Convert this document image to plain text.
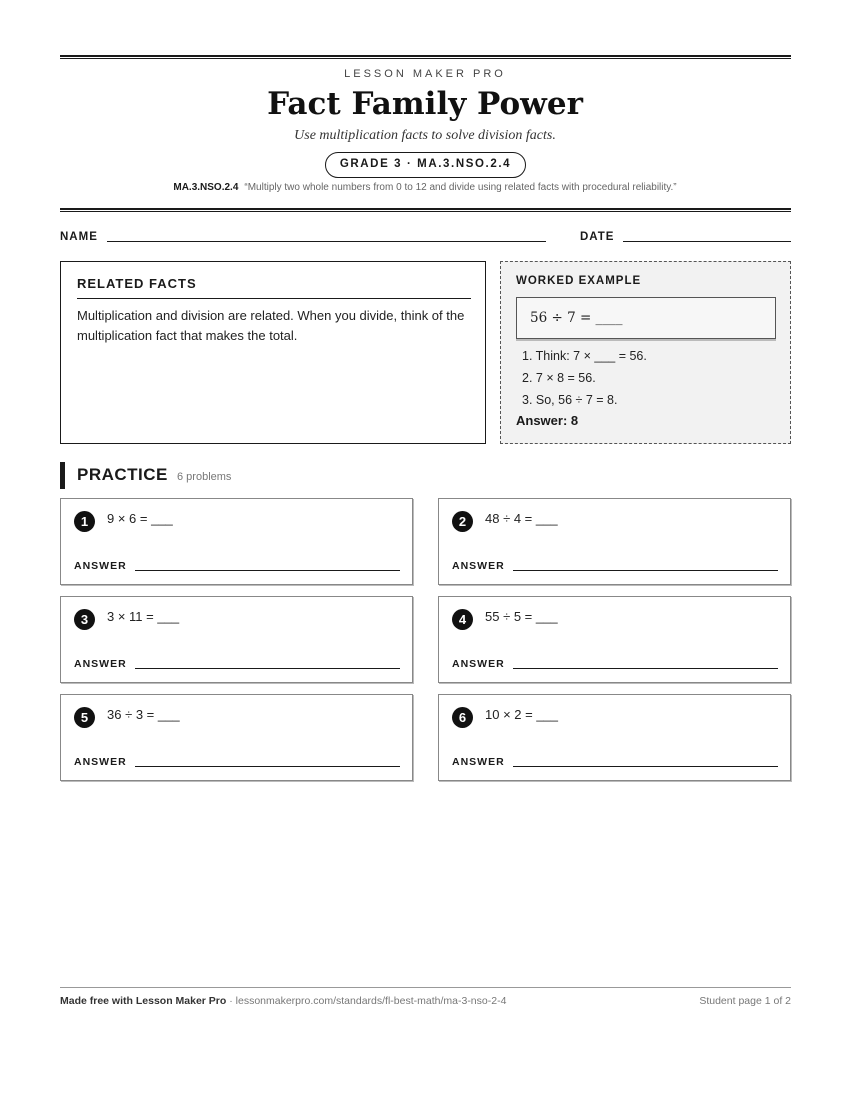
LESSON MAKER PRO
Fact Family Power
Use multiplication facts to solve division facts.
GRADE 3 · MA.3.NSO.2.4
MA.3.NSO.2.4 “Multiply two whole numbers from 0 to 12 and divide using related facts with procedural reliability.”
NAME	DATE
RELATED FACTS
Multiplication and division are related. When you divide, think of the multiplication fact that makes the total.
WORKED EXAMPLE
56 ÷ 7 = ____
1. Think: 7 × ___ = 56.
2. 7 × 8 = 56.
3. So, 56 ÷ 7 = 8.
Answer: 8
PRACTICE 6 problems
1	9 × 6 = ___
ANSWER
2	48 ÷ 4 = ___
ANSWER
3	3 × 11 = ___
ANSWER
4	55 ÷ 5 = ___
ANSWER
5	36 ÷ 3 = ___
ANSWER
6	10 × 2 = ___
ANSWER
Made free with Lesson Maker Pro · lessonmakerpro.com/standards/fl-best-math/ma-3-nso-2-4	Student page 1 of 2
